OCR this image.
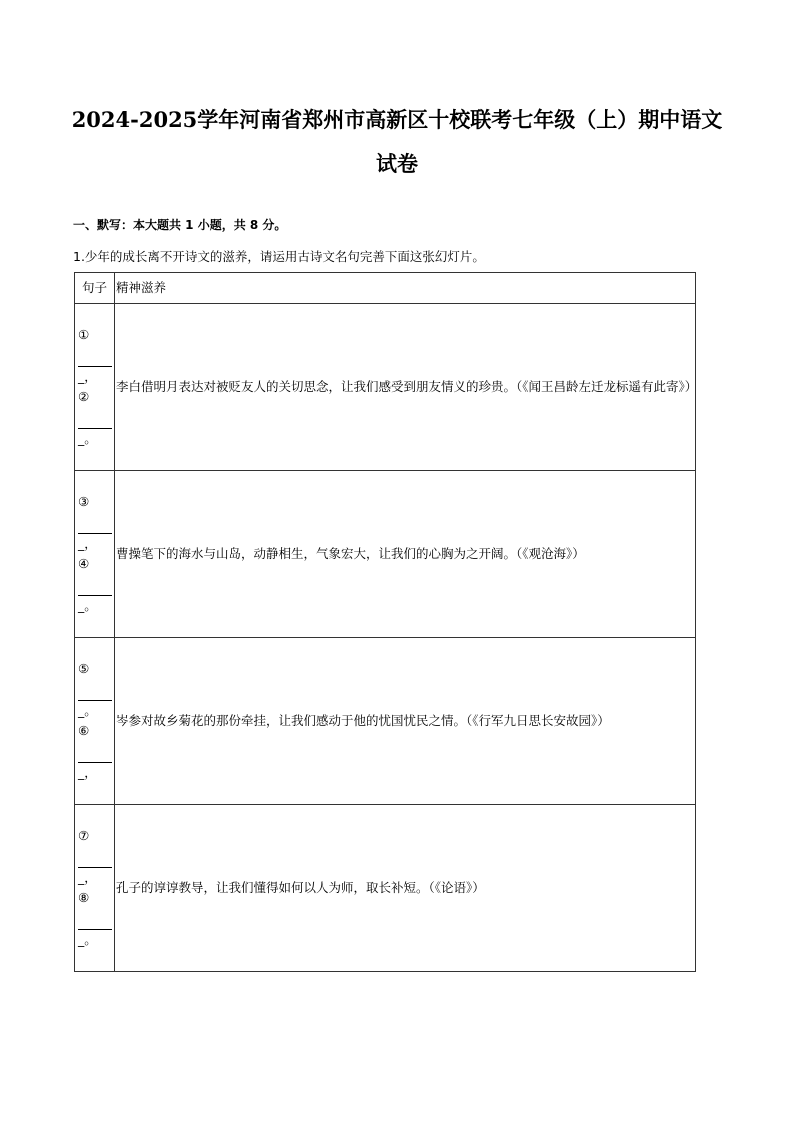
2024-2025学年河南省郑州市高新区十校联考七年级（上）期中语文
试卷
一、默写：本大题共 1 小题，共 8 分。
1.少年的成长离不开诗文的滋养，请运用古诗文名句完善下面这张幻灯片。
句子	精神滋养

①
_，
②
_。	李白借明月表达对被贬友人的关切思念，让我们感受到朋友情义的珍贵。（《闻王昌龄左迁龙标遥有此寄》）

③
_，
④
_。	曹操笔下的海水与山岛，动静相生，气象宏大，让我们的心胸为之开阔。（《观沧海》）

⑤
_。
⑥
_，	岑参对故乡菊花的那份牵挂，让我们感动于他的忧国忧民之情。（《行军九日思长安故园》）

⑦
_，
⑧
_。	孔子的谆谆教导，让我们懂得如何以人为师，取长补短。（《论语》）
